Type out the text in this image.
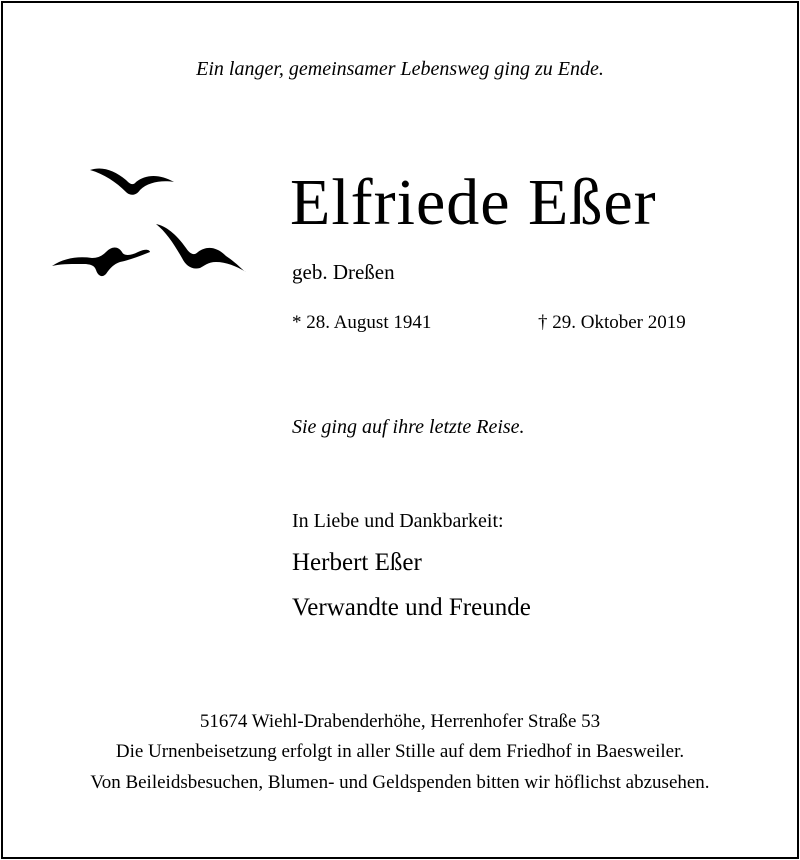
Ein langer, gemeinsamer Lebensweg ging zu Ende.
Elfriede Eßer
geb. Dreßen
* 28. August 1941	† 29. Oktober 2019
Sie ging auf ihre letzte Reise.
In Liebe und Dankbarkeit:
Herbert Eßer
Verwandte und Freunde
51674 Wiehl-Drabenderhöhe, Herrenhofer Straße 53
Die Urnenbeisetzung erfolgt in aller Stille auf dem Friedhof in Baesweiler.
Von Beileidsbesuchen, Blumen- und Geldspenden bitten wir höflichst abzusehen.
